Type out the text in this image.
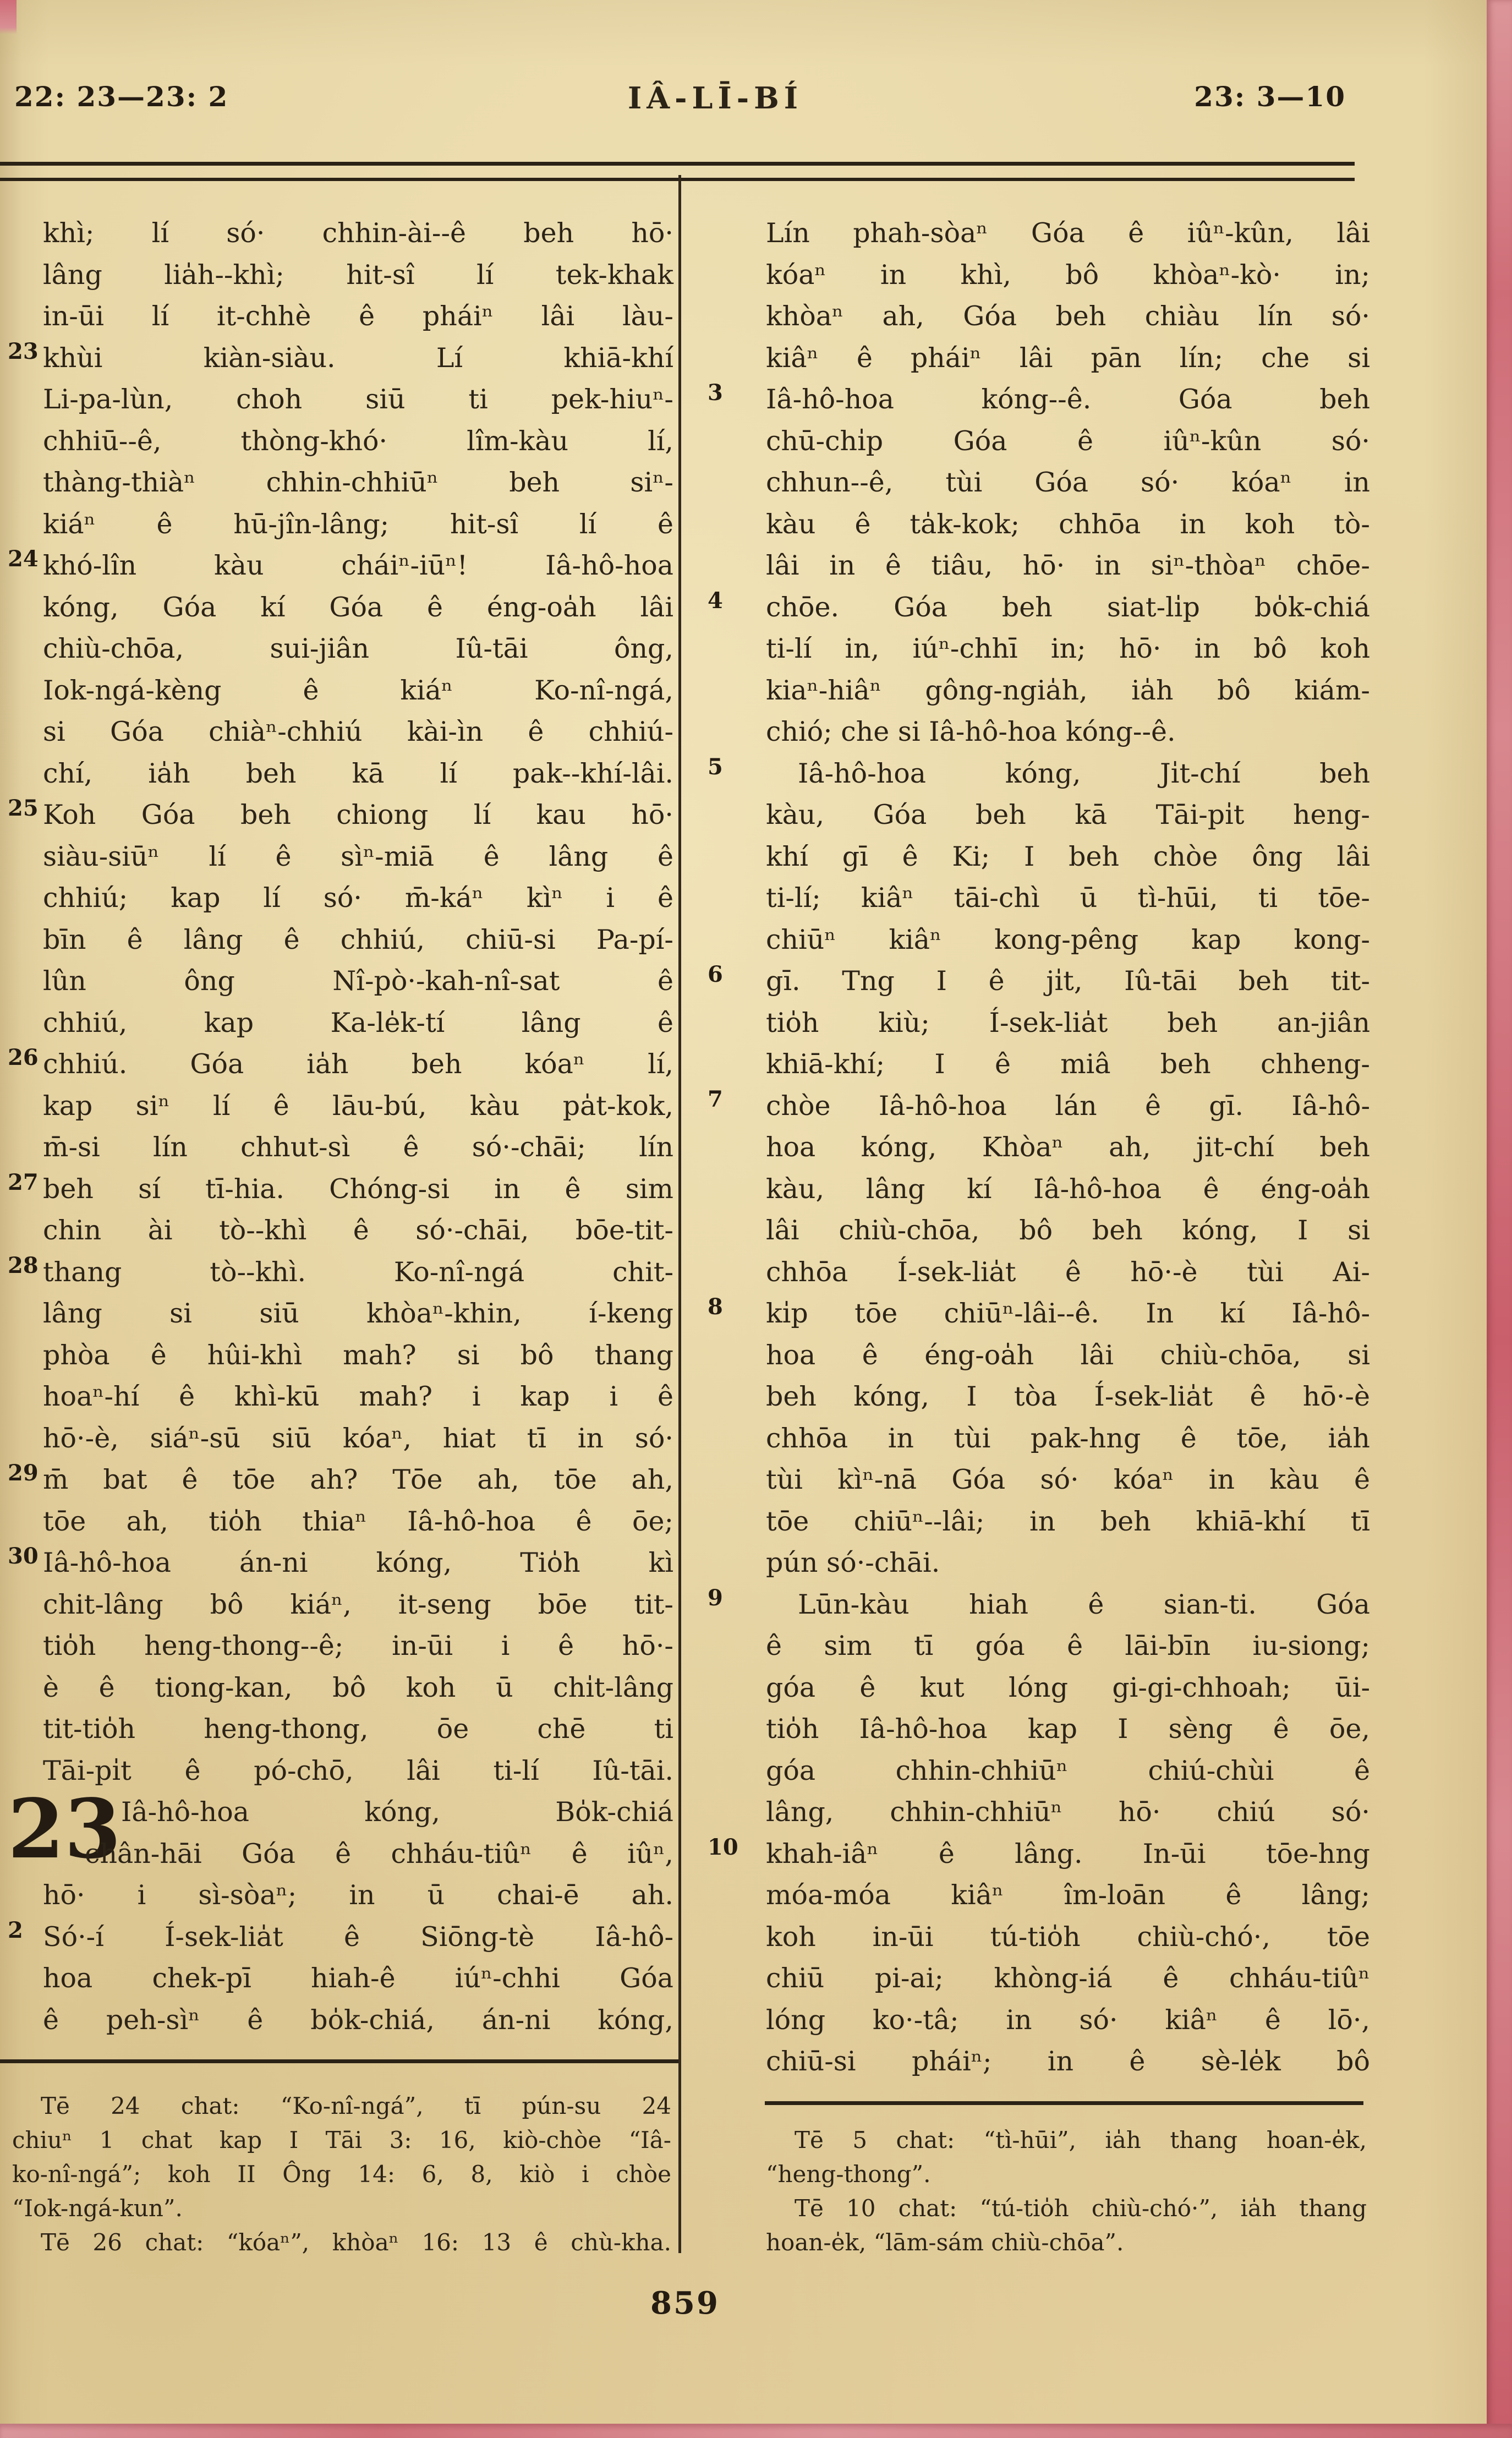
22: 23—23: 2	IÂ-LĪ-BÍ	23: 3—10
23
khì; lí só· chhin-ài--ê beh hō·
lâng lia̍h--khì; hit-sî lí tek-khak
in-ūi lí it-chhè ê pháiⁿ lâi làu-
23 khùi kiàn-siàu. Lí khiā-khí
Li-pa-lùn, choh siū ti pek-hiuⁿ-
chhiū--ê, thòng-khó· lîm-kàu lí,
thàng-thiàⁿ chhin-chhiūⁿ beh siⁿ-
kiáⁿ ê hū-jîn-lâng; hit-sî lí ê
24 khó-lîn kàu cháiⁿ-iūⁿ! Iâ-hô-hoa
kóng, Góa kí Góa ê éng-oa̍h lâi
chiù-chōa, sui-jiân Iû-tāi ông,
Iok-ngá-kèng ê kiáⁿ Ko-nî-ngá,
si Góa chiàⁿ-chhiú kài-ìn ê chhiú-
chí, ia̍h beh kā lí pak--khí-lâi.
25 Koh Góa beh chiong lí kau hō·
siàu-siūⁿ lí ê sìⁿ-miā ê lâng ê
chhiú; kap lí só· m̄-káⁿ kìⁿ i ê
bīn ê lâng ê chhiú, chiū-si Pa-pí-
lûn ông Nî-pò·-kah-nî-sat ê
chhiú, kap Ka-le̍k-tí lâng ê
26 chhiú. Góa ia̍h beh kóaⁿ lí,
kap siⁿ lí ê lāu-bú, kàu pa̍t-kok,
m̄-si lín chhut-sì ê só·-chāi; lín
27 beh sí tī-hia. Chóng-si in ê sim
chin ài tò--khì ê só·-chāi, bōe-tit-
28 thang tò--khì. Ko-nî-ngá chit-
lâng si siū khòaⁿ-khin, í-keng
phòa ê hûi-khì mah? si bô thang
hoaⁿ-hí ê khì-kū mah? i kap i ê
hō·-è, siáⁿ-sū siū kóaⁿ, hiat tī in só·
29 m̄ bat ê tōe ah? Tōe ah, tōe ah,
tōe ah, tio̍h thiaⁿ Iâ-hô-hoa ê ōe;
30 Iâ-hô-hoa án-ni kóng, Tio̍h kì
chit-lâng bô kiáⁿ, it-seng bōe tit-
tio̍h heng-thong--ê; in-ūi i ê hō·-
è ê tiong-kan, bô koh ū chi̍t-lâng
tit-tio̍h heng-thong, ōe chē ti
Tāi-pi̍t ê pó-chō, lâi ti-lí Iû-tāi.
Iâ-hô-hoa kóng, Bo̍k-chiá
chân-hāi Góa ê chháu-tiûⁿ ê iûⁿ,
hō· i sì-sòaⁿ; in ū chai-ē ah.
2 Só·-í Í-sek-lia̍t ê Siōng-tè Iâ-hô-
hoa chek-pī hiah-ê iúⁿ-chhi Góa
ê peh-sìⁿ ê bo̍k-chiá, án-ni kóng,
Lín phah-sòaⁿ Góa ê iûⁿ-kûn, lâi
kóaⁿ in khì, bô khòaⁿ-kò· in;
khòaⁿ ah, Góa beh chiàu lín só·
kiâⁿ ê pháiⁿ lâi pān lín; che si
3	Iâ-hô-hoa kóng--ê. Góa beh
chū-chi̍p Góa ê iûⁿ-kûn só·
chhun--ê, tùi Góa só· kóaⁿ in
kàu ê ta̍k-kok; chhōa in koh tò-
lâi in ê tiâu, hō· in siⁿ-thòaⁿ chōe-
4	chōe. Góa beh siat-li̍p bo̍k-chiá
ti-lí in, iúⁿ-chhī in; hō· in bô koh
kiaⁿ-hiâⁿ gông-ngia̍h, ia̍h bô kiám-
chió; che si Iâ-hô-hoa kóng--ê.
5	Iâ-hô-hoa kóng, Ji̍t-chí beh
kàu, Góa beh kā Tāi-pi̍t heng-
khí gī ê Ki; I beh chòe ông lâi
ti-lí; kiâⁿ tāi-chì ū tì-hūi, ti tōe-
chiūⁿ kiâⁿ kong-pêng kap kong-
6	gī. Tng I ê ji̍t, Iû-tāi beh tit-
tio̍h kiù; Í-sek-lia̍t beh an-jiân
khiā-khí; I ê miâ beh chheng-
7	chòe Iâ-hô-hoa lán ê gī. Iâ-hô-
hoa kóng, Khòaⁿ ah, jit-chí beh
kàu, lâng kí Iâ-hô-hoa ê éng-oa̍h
lâi chiù-chōa, bô beh kóng, I si
chhōa Í-sek-lia̍t ê hō·-è tùi Ai-
8	ki̍p tōe chiūⁿ-lâi--ê. In kí Iâ-hô-
hoa ê éng-oa̍h lâi chiù-chōa, si
beh kóng, I tòa Í-sek-lia̍t ê hō·-è
chhōa in tùi pak-hng ê tōe, ia̍h
tùi kìⁿ-nā Góa só· kóaⁿ in kàu ê
tōe chiūⁿ--lâi; in beh khiā-khí tī
pún só·-chāi.
9	Lūn-kàu hiah ê sian-ti. Góa
ê sim tī góa ê lāi-bīn iu-siong;
góa ê kut lóng gi-gi-chhoah; ūi-
tio̍h Iâ-hô-hoa kap I sèng ê ōe,
góa chhin-chhiūⁿ chiú-chùi ê
lâng, chhin-chhiūⁿ hō· chiú só·
10 khah-iâⁿ ê lâng. In-ūi tōe-hng
móa-móa kiâⁿ îm-loān ê lâng;
koh in-ūi tú-tio̍h chiù-chó·, tōe
chiū pi-ai; khòng-iá ê chháu-tiûⁿ
lóng ko·-tâ; in só· kiâⁿ ê lō·,
chiū-si pháiⁿ; in ê sè-le̍k bô
Tē 24 chat: “Ko-nî-ngá”, tī pún-su 24
chiuⁿ 1 chat kap I Tāi 3: 16, kiò-chòe “Iâ-
ko-nî-ngá”; koh II Ông 14: 6, 8, kiò i chòe
“Iok-ngá-kun”.
Tē 26 chat: “kóaⁿ”, khòaⁿ 16: 13 ê chù-kha.
Tē 5 chat: “tì-hūi”, ia̍h thang hoan-e̍k,
“heng-thong”.
Tē 10 chat: “tú-tio̍h chiù-chó·”, ia̍h thang
hoan-e̍k, “lām-sám chiù-chōa”.
859
